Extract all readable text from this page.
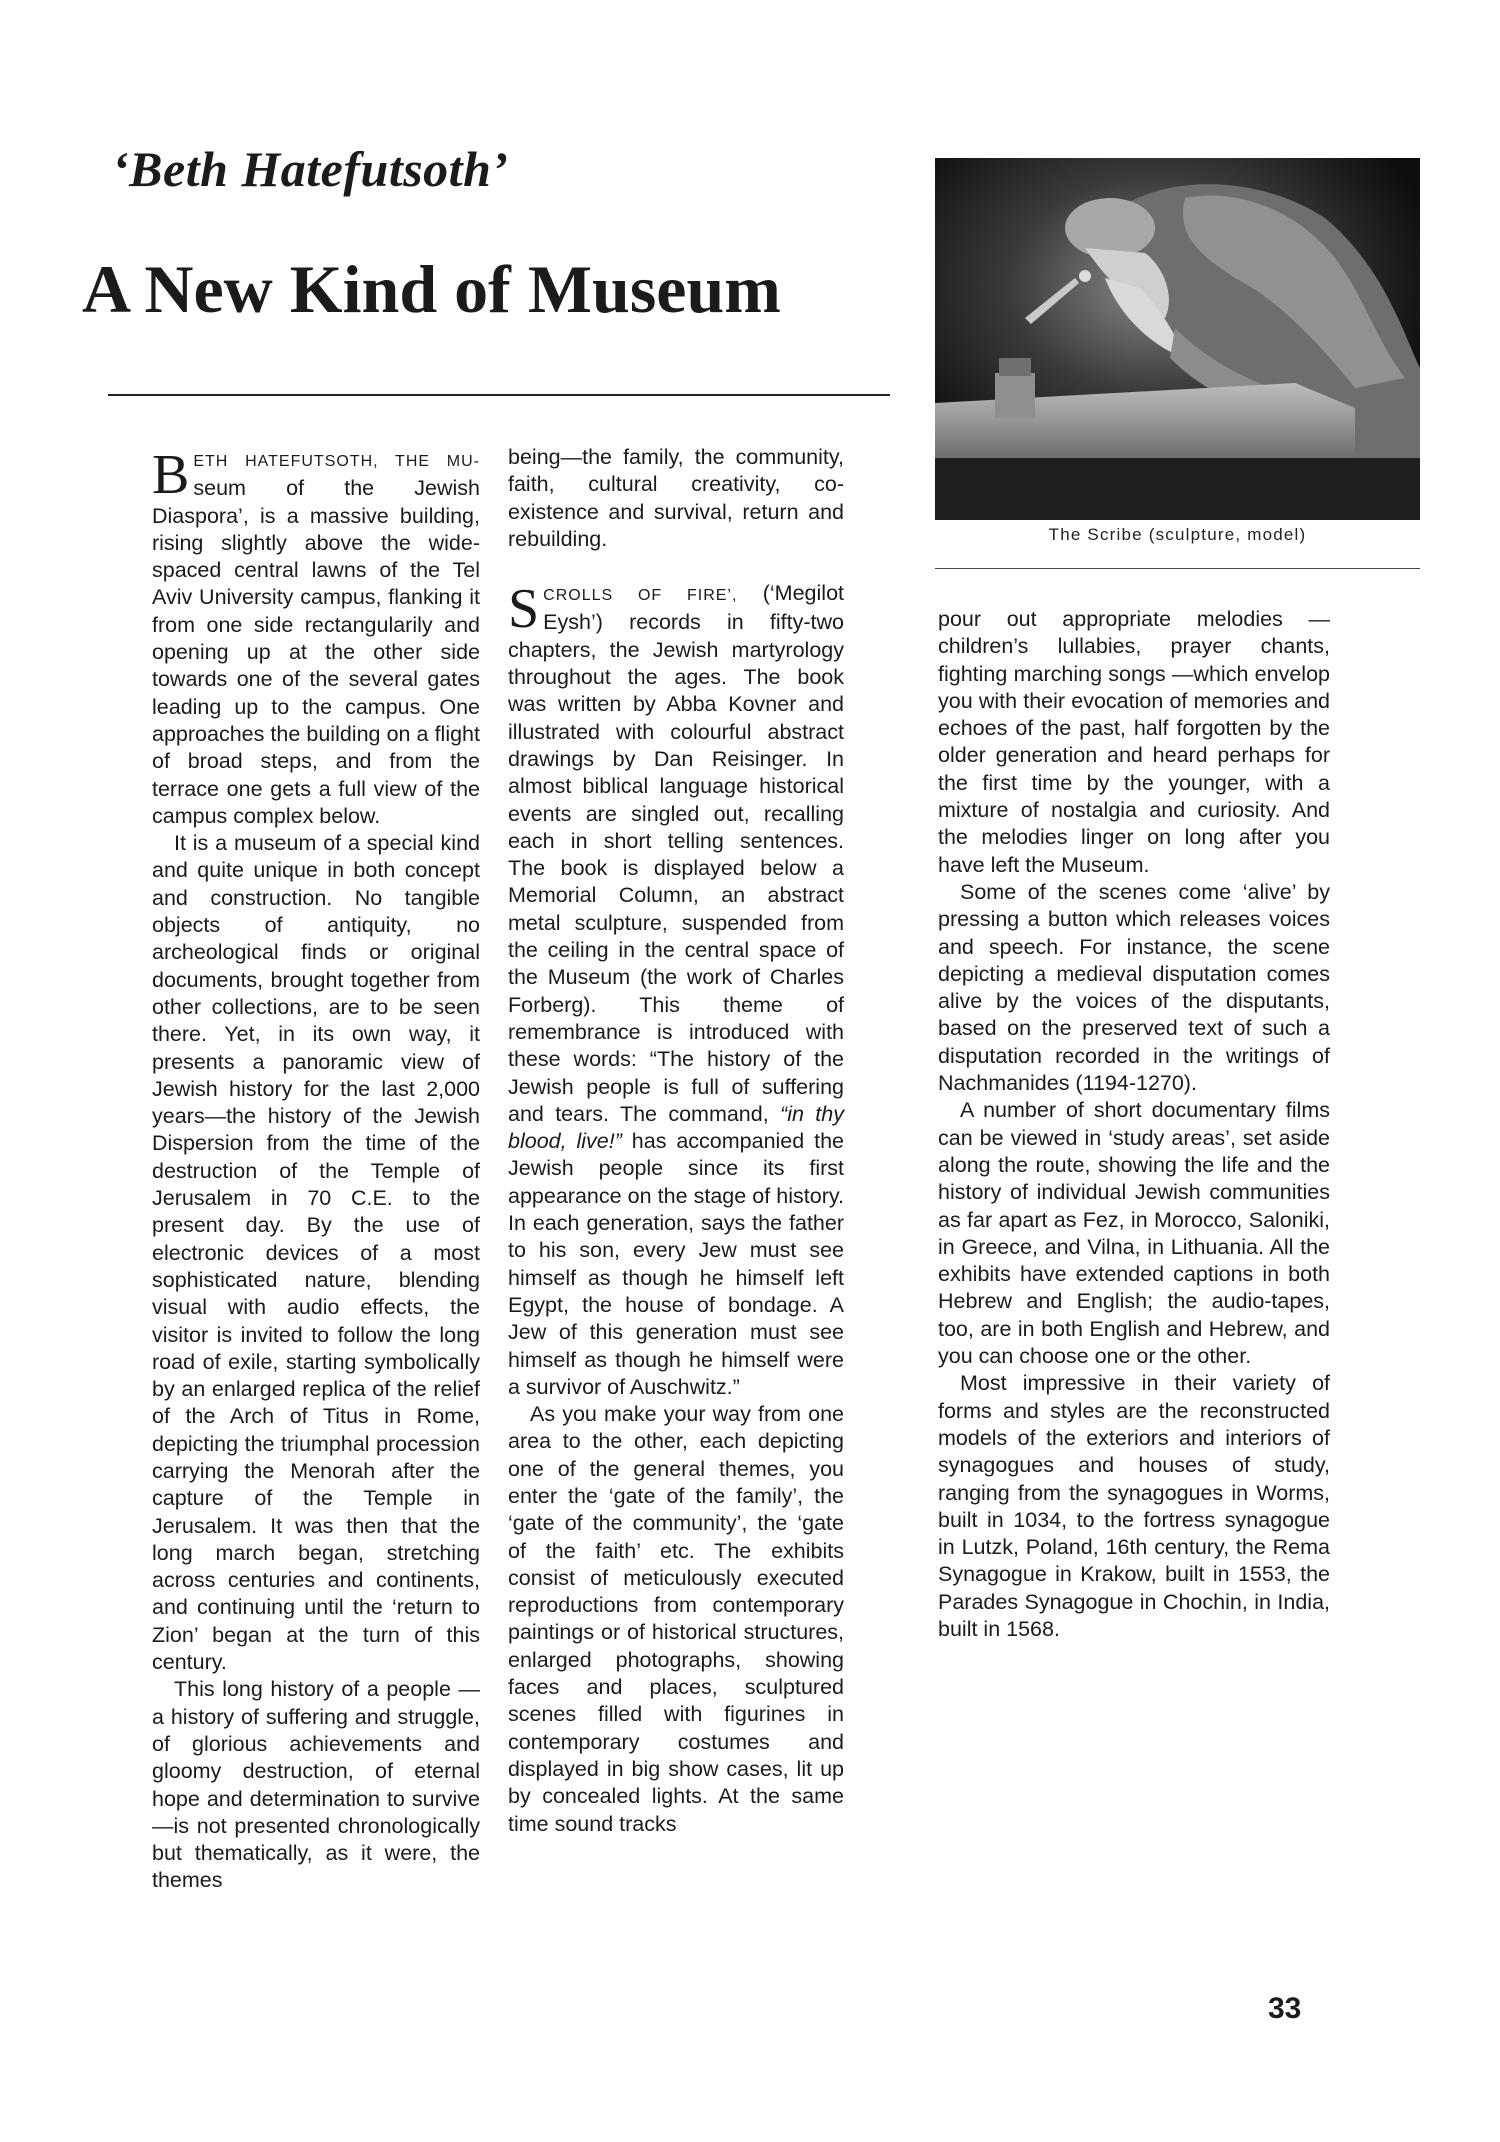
‘Beth Hatefutsoth’
A New Kind of Museum
The Scribe (sculpture, model)

BETH HATEFUTSOTH, THE MU- seum of the Jewish Diaspora’, is a massive building, rising slightly above the wide-spaced central lawns of the Tel Aviv University campus, flanking it from one side rectangularily and opening up at the other side towards one of the several gates leading up to the campus. One approaches the building on a flight of broad steps, and from the terrace one gets a full view of the campus complex below.

It is a museum of a special kind and quite unique in both concept and construction. No tangible objects of antiquity, no archeological finds or original documents, brought together from other collections, are to be seen there. Yet, in its own way, it presents a panoramic view of Jewish history for the last 2,000 years—the history of the Jewish Dispersion from the time of the destruction of the Temple of Jerusalem in 70 C.E. to the present day. By the use of electronic devices of a most sophisticated nature, blending visual with audio effects, the visitor is invited to follow the long road of exile, starting symbolically by an enlarged replica of the relief of the Arch of Titus in Rome, depicting the triumphal procession carrying the Menorah after the capture of the Temple in Jerusalem. It was then that the long march began, stretching across centuries and continents, and continuing until the ‘return to Zion’ began at the turn of this century.

This long history of a people — a history of suffering and struggle, of glorious achievements and gloomy destruction, of eternal hope and determination to survive—is not presented chronologically but thematically, as it were, the themes

being—the family, the community, faith, cultural creativity, co-existence and survival, return and rebuilding.

SCROLLS OF FIRE’, (‘Megilot Eysh’) records in fifty-two chapters, the Jewish martyrology throughout the ages. The book was written by Abba Kovner and illustrated with colourful abstract drawings by Dan Reisinger. In almost biblical language historical events are singled out, recalling each in short telling sentences. The book is displayed below a Memorial Column, an abstract metal sculpture, suspended from the ceiling in the central space of the Museum (the work of Charles Forberg). This theme of remembrance is introduced with these words: “The history of the Jewish people is full of suffering and tears. The command, “in thy blood, live!” has accompanied the Jewish people since its first appearance on the stage of history. In each generation, says the father to his son, every Jew must see himself as though he himself left Egypt, the house of bondage. A Jew of this generation must see himself as though he himself were a survivor of Auschwitz.”

As you make your way from one area to the other, each depicting one of the general themes, you enter the ‘gate of the family’, the ‘gate of the community’, the ‘gate of the faith’ etc. The exhibits consist of meticulously executed reproductions from contemporary paintings or of historical structures, enlarged photographs, showing faces and places, sculptured scenes filled with figurines in contemporary costumes and displayed in big show cases, lit up by concealed lights. At the same time sound tracks

pour out appropriate melodies —children’s lullabies, prayer chants, fighting marching songs —which envelop you with their evocation of memories and echoes of the past, half forgotten by the older generation and heard perhaps for the first time by the younger, with a mixture of nostalgia and curiosity. And the melodies linger on long after you have left the Museum.

Some of the scenes come ‘alive’ by pressing a button which releases voices and speech. For instance, the scene depicting a medieval disputation comes alive by the voices of the disputants, based on the preserved text of such a disputation recorded in the writings of Nachmanides (1194-1270).

A number of short documentary films can be viewed in ‘study areas’, set aside along the route, showing the life and the history of individual Jewish communities as far apart as Fez, in Morocco, Saloniki, in Greece, and Vilna, in Lithuania. All the exhibits have extended captions in both Hebrew and English; the audio-tapes, too, are in both English and Hebrew, and you can choose one or the other.

Most impressive in their variety of forms and styles are the reconstructed models of the exteriors and interiors of synagogues and houses of study, ranging from the synagogues in Worms, built in 1034, to the fortress synagogue in Lutzk, Poland, 16th century, the Rema Synagogue in Krakow, built in 1553, the Parades Synagogue in Chochin, in India, built in 1568.

33
